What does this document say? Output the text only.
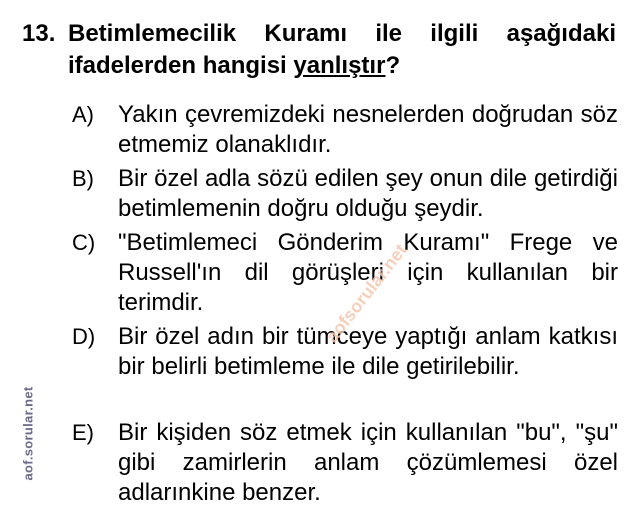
13. Betimlemecilik Kuramı ile ilgili aşağıdaki ifadelerden hangisi yanlıştır?
A) Yakın çevremizdeki nesnelerden doğrudan söz etmemiz olanaklıdır.
B) Bir özel adla sözü edilen şey onun dile getirdiği betimlemenin doğru olduğu şeydir.
C) "Betimlemeci Gönderim Kuramı" Frege ve Russell'ın dil görüşleri için kullanılan bir terimdir.
D) Bir özel adın bir tümceye yaptığı anlam katkısı bir belirli betimleme ile dile getirilebilir.
E) Bir kişiden söz etmek için kullanılan "bu", "şu" gibi zamirlerin anlam çözümlemesi özel adlarınkine benzer.
aof.sorular.net
aofsorular.net
